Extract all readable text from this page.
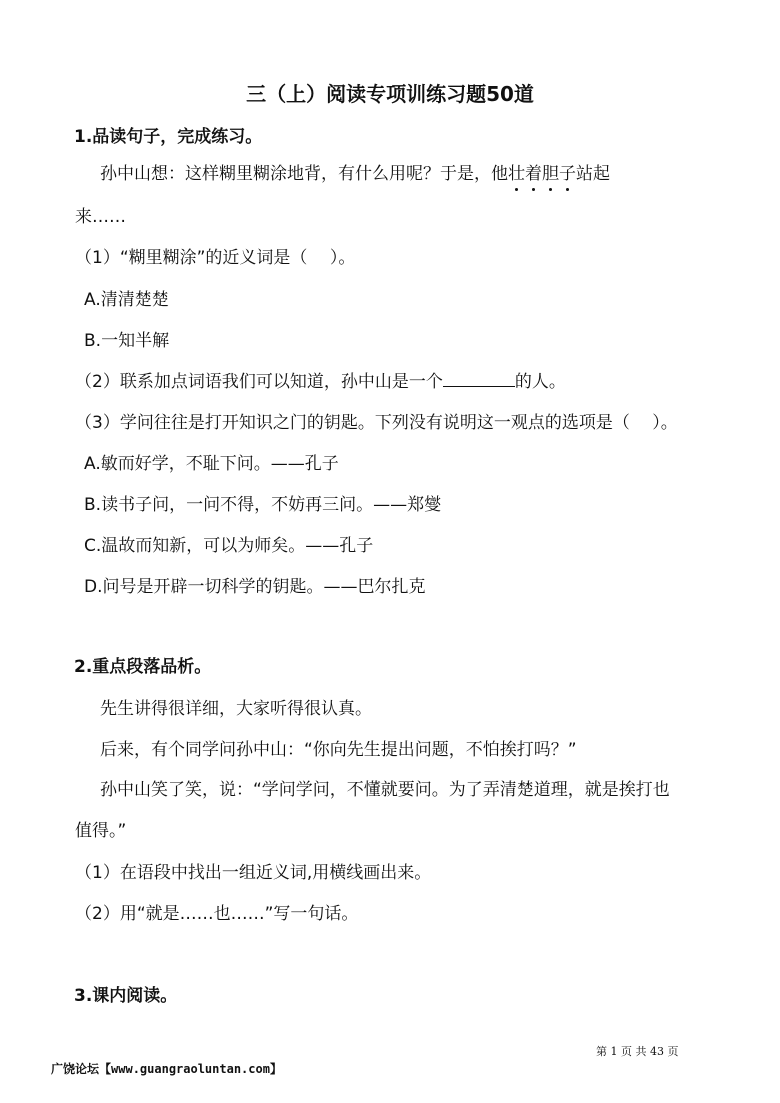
三（上）阅读专项训练习题50道
1.品读句子，完成练习。
孙中山想：这样糊里糊涂地背，有什么用呢？于是，他壮着胆子站起
来……
（1）“糊里糊涂”的近义词是（　 ）。
A.清清楚楚
B.一知半解
（2）联系加点词语我们可以知道，孙中山是一个	的人。
（3）学问往往是打开知识之门的钥匙。下列没有说明这一观点的选项是（　 ）。
A.敏而好学，不耻下问。——孔子
B.读书子问，一问不得，不妨再三问。——郑燮
C.温故而知新，可以为师矣。——孔子
D.问号是开辟一切科学的钥匙。——巴尔扎克
2.重点段落品析。
先生讲得很详细，大家听得很认真。
后来，有个同学问孙中山：“你向先生提出问题，不怕挨打吗？”
孙中山笑了笑，说：“学问学问，不懂就要问。为了弄清楚道理，就是挨打也
值得。”
（1）在语段中找出一组近义词,用横线画出来。
（2）用“就是……也……”写一句话。
3.课内阅读。
第 1 页 共 43 页
广饶论坛【www.guangraoluntan.com】
